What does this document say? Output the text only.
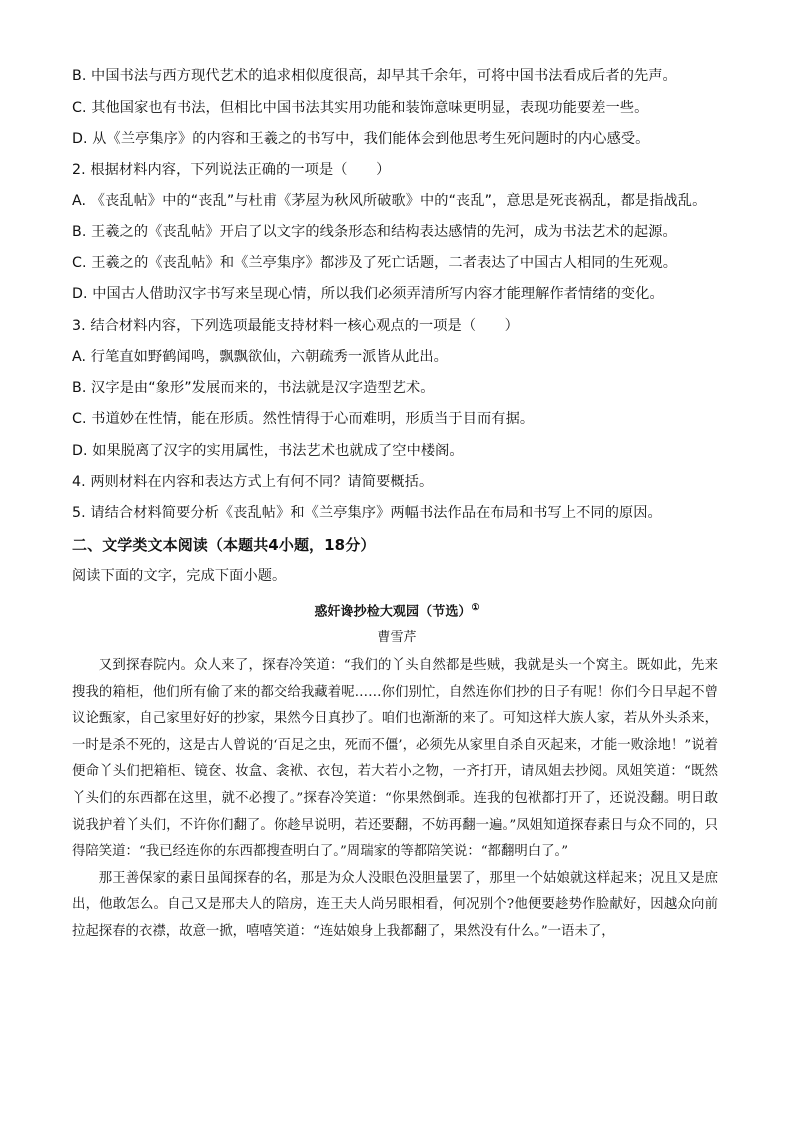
B. 中国书法与西方现代艺术的追求相似度很高，却早其千余年，可将中国书法看成后者的先声。
C. 其他国家也有书法，但相比中国书法其实用功能和装饰意味更明显，表现功能要差一些。
D. 从《兰亭集序》的内容和王羲之的书写中，我们能体会到他思考生死问题时的内心感受。
2. 根据材料内容，下列说法正确的一项是（　　）
A. 《丧乱帖》中的“丧乱”与杜甫《茅屋为秋风所破歌》中的“丧乱”，意思是死丧祸乱，都是指战乱。
B. 王羲之的《丧乱帖》开启了以文字的线条形态和结构表达感情的先河，成为书法艺术的起源。
C. 王羲之的《丧乱帖》和《兰亭集序》都涉及了死亡话题，二者表达了中国古人相同的生死观。
D. 中国古人借助汉字书写来呈现心情，所以我们必须弄清所写内容才能理解作者情绪的变化。
3. 结合材料内容，下列选项最能支持材料一核心观点的一项是（　　）
A. 行笔直如野鹤闻鸣，飘飘欲仙，六朝疏秀一派皆从此出。
B. 汉字是由“象形”发展而来的，书法就是汉字造型艺术。
C. 书道妙在性情，能在形质。然性情得于心而难明，形质当于目而有据。
D. 如果脱离了汉字的实用属性，书法艺术也就成了空中楼阁。
4. 两则材料在内容和表达方式上有何不同？请简要概括。
5. 请结合材料简要分析《丧乱帖》和《兰亭集序》两幅书法作品在布局和书写上不同的原因。
二、文学类文本阅读（本题共4小题，18分）
阅读下面的文字，完成下面小题。
惑奸谗抄检大观园（节选）①
曹雪芹

又到探春院内。众人来了，探春冷笑道：“我们的丫头自然都是些贼，我就是头一个窝主。既如此，先来搜我的箱柜，他们所有偷了来的都交给我藏着呢……你们别忙，自然连你们抄的日子有呢！你们今日早起不曾议论甄家，自己家里好好的抄家，果然今日真抄了。咱们也渐渐的来了。可知这样大族人家，若从外头杀来，一时是杀不死的，这是古人曾说的‘百足之虫，死而不僵’，必须先从家里自杀自灭起来，才能一败涂地！”说着便命丫头们把箱柜、镜奁、妆盒、衾袱、衣包，若大若小之物，一齐打开，请凤姐去抄阅。凤姐笑道：“既然丫头们的东西都在这里，就不必搜了。”探春冷笑道：“你果然倒乖。连我的包袱都打开了，还说没翻。明日敢说我护着丫头们，不许你们翻了。你趁早说明，若还要翻，不妨再翻一遍。”凤姐知道探春素日与众不同的，只得陪笑道：“我已经连你的东西都搜查明白了。”周瑞家的等都陪笑说：“都翻明白了。”

那王善保家的素日虽闻探春的名，那是为众人没眼色没胆量罢了，那里一个姑娘就这样起来；况且又是庶出，他敢怎么。自己又是邢夫人的陪房，连王夫人尚另眼相看，何况别个?他便要趁势作脸献好，因越众向前拉起探春的衣襟，故意一掀，嘻嘻笑道：“连姑娘身上我都翻了，果然没有什么。”一语未了，
